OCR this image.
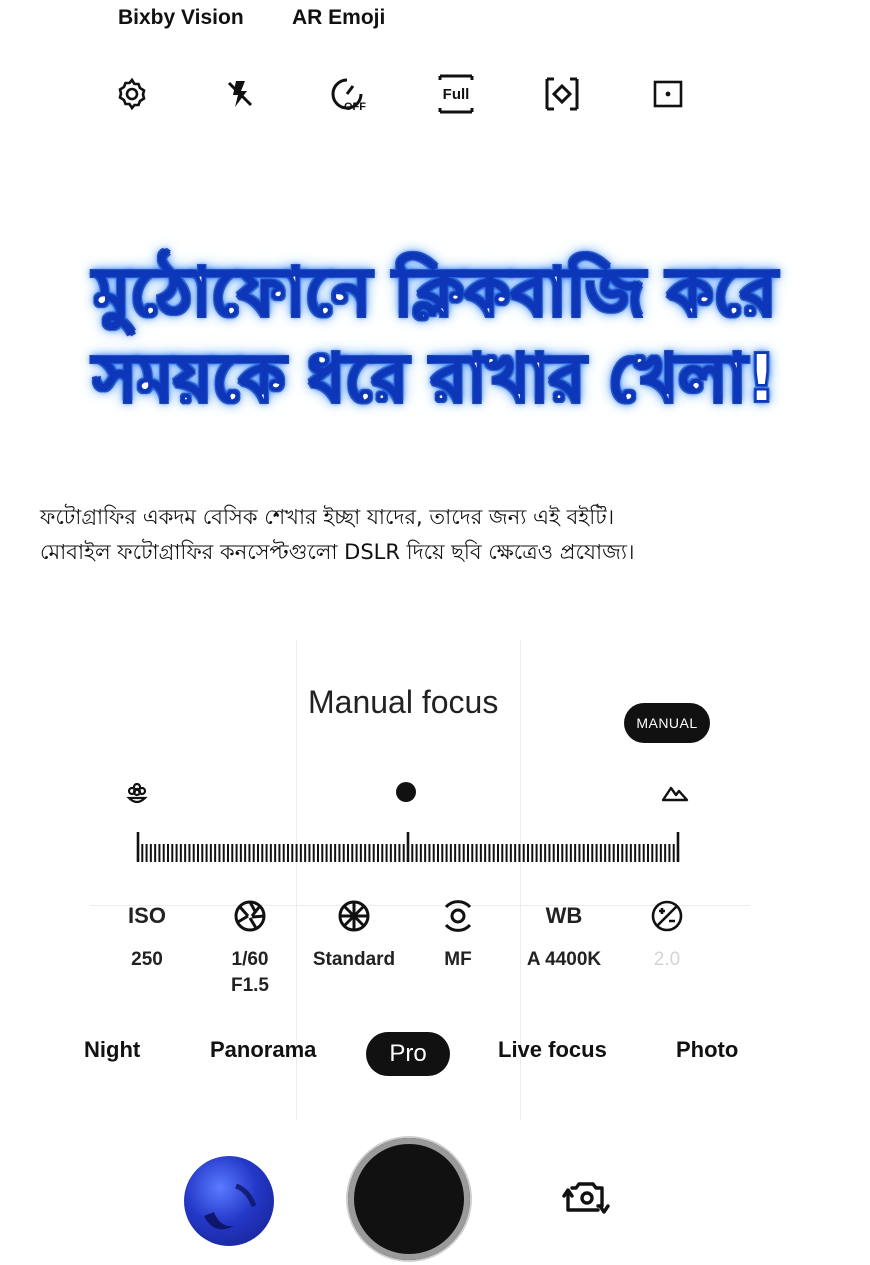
Bixby Vision AR Emoji
OFF
Full
মুঠোফোনে ক্লিকবাজি করে
সময়কে ধরে রাখার খেলা!
ফটোগ্রাফির একদম বেসিক শেখার ইচ্ছা যাদের, তাদের জন্য এই বইটি।
মোবাইল ফটোগ্রাফির কনসেপ্টগুলো DSLR দিয়ে ছবি ক্ষেত্রেও প্রযোজ্য।
Manual focus
MANUAL
ISO
250	1/60
F1.5
Standard	MF
WB
A 4400K	2.0
Night	Panorama	Pro	Live focus	Photo
